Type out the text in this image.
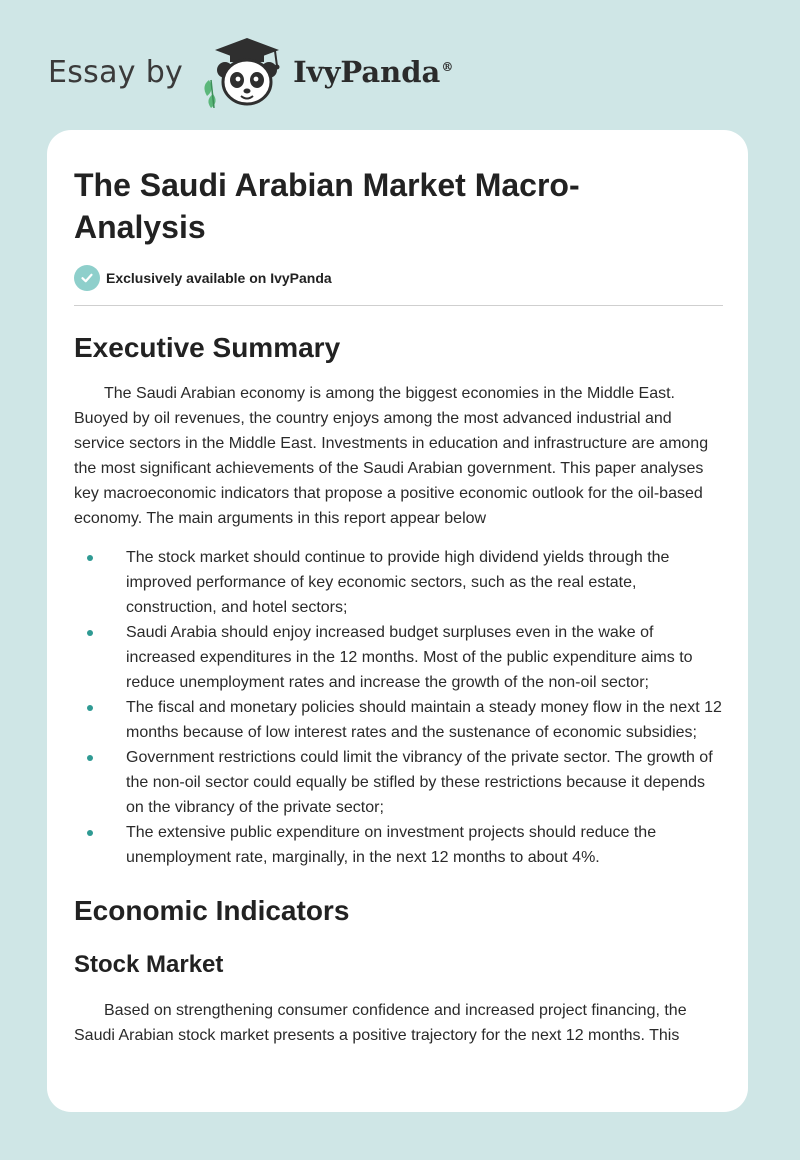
Essay by	IvyPanda®
The Saudi Arabian Market Macro-Analysis
Exclusively available on IvyPanda
Executive Summary

The Saudi Arabian economy is among the biggest economies in the Middle East. Buoyed by oil revenues, the country enjoys among the most advanced industrial and service sectors in the Middle East. Investments in education and infrastructure are among the most significant achievements of the Saudi Arabian government. This paper analyses key macroeconomic indicators that propose a positive economic outlook for the oil-based economy. The main arguments in this report appear below

The stock market should continue to provide high dividend yields through the improved performance of key economic sectors, such as the real estate, construction, and hotel sectors;
Saudi Arabia should enjoy increased budget surpluses even in the wake of increased expenditures in the 12 months. Most of the public expenditure aims to reduce unemployment rates and increase the growth of the non-oil sector;
The fiscal and monetary policies should maintain a steady money flow in the next 12 months because of low interest rates and the sustenance of economic subsidies;
Government restrictions could limit the vibrancy of the private sector. The growth of the non-oil sector could equally be stifled by these restrictions because it depends on the vibrancy of the private sector;
The extensive public expenditure on investment projects should reduce the unemployment rate, marginally, in the next 12 months to about 4%.
Economic Indicators
Stock Market

Based on strengthening consumer confidence and increased project financing, the Saudi Arabian stock market presents a positive trajectory for the next 12 months. This
